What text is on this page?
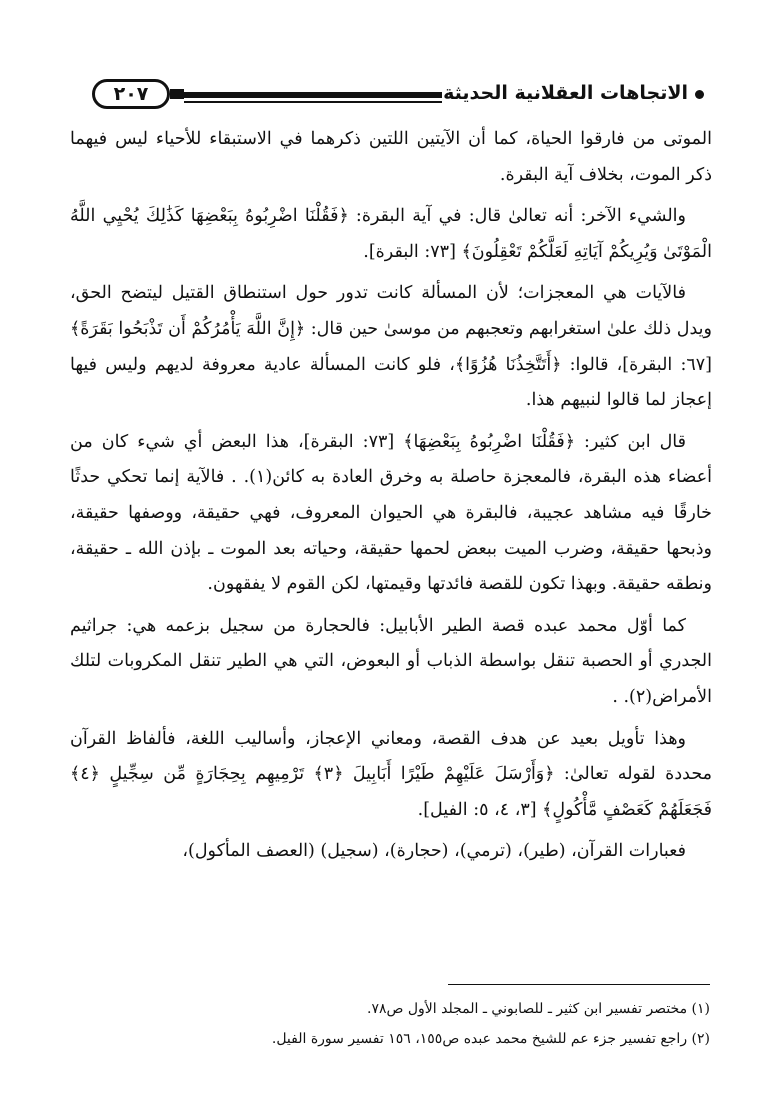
الاتجاهات العقلانية الحديثة
٢٠٧

الموتى من فارقوا الحياة، كما أن الآيتين اللتين ذكرهما في الاستبقاء للأحياء ليس فيهما ذكر الموت، بخلاف آية البقرة.

والشيء الآخر: أنه تعالىٰ قال: في آية البقرة: ﴿فَقُلْنَا اضْرِبُوهُ بِبَعْضِهَا كَذَٰلِكَ يُحْيِي اللَّهُ الْمَوْتَىٰ وَيُرِيكُمْ آيَاتِهِ لَعَلَّكُمْ تَعْقِلُونَ﴾ [٧٣: البقرة].

فالآيات هي المعجزات؛ لأن المسألة كانت تدور حول استنطاق القتيل ليتضح الحق، ويدل ذلك علىٰ استغرابهم وتعجبهم من موسىٰ حين قال: ﴿إِنَّ اللَّهَ يَأْمُرُكُمْ أَن تَذْبَحُوا بَقَرَةً﴾ [٦٧: البقرة]، قالوا: ﴿أَتَتَّخِذُنَا هُزُوًا﴾، فلو كانت المسألة عادية معروفة لديهم وليس فيها إعجاز لما قالوا لنبيهم هذا.

قال ابن كثير: ﴿فَقُلْنَا اضْرِبُوهُ بِبَعْضِهَا﴾ [٧٣: البقرة]، هذا البعض أي شيء كان من أعضاء هذه البقرة، فالمعجزة حاصلة به وخرق العادة به كائن(١). . فالآية إنما تحكي حدثًا خارقًا فيه مشاهد عجيبة، فالبقرة هي الحيوان المعروف، فهي حقيقة، ووصفها حقيقة، وذبحها حقيقة، وضرب الميت ببعض لحمها حقيقة، وحياته بعد الموت ـ بإذن الله ـ حقيقة، ونطقه حقيقة. وبهذا تكون للقصة فائدتها وقيمتها، لكن القوم لا يفقهون.

كما أوّل محمد عبده قصة الطير الأبابيل: فالحجارة من سجيل بزعمه هي: جراثيم الجدري أو الحصبة تنقل بواسطة الذباب أو البعوض، التي هي الطير تنقل المكروبات لتلك الأمراض(٢). .

وهذا تأويل بعيد عن هدف القصة، ومعاني الإعجاز، وأساليب اللغة، فألفاظ القرآن محددة لقوله تعالىٰ: ﴿وَأَرْسَلَ عَلَيْهِمْ طَيْرًا أَبَابِيلَ ﴿٣﴾ تَرْمِيهِم بِحِجَارَةٍ مِّن سِجِّيلٍ ﴿٤﴾ فَجَعَلَهُمْ كَعَصْفٍ مَّأْكُولٍ﴾ [٣، ٤، ٥: الفيل].

فعبارات القرآن، (طير)، (ترمي)، (حجارة)، (سجيل) (العصف المأكول)،

(١) مختصر تفسير ابن كثير ـ للصابوني ـ المجلد الأول ص٧٨.

(٢) راجع تفسير جزء عم للشيخ محمد عبده ص١٥٥، ١٥٦ تفسير سورة الفيل.
